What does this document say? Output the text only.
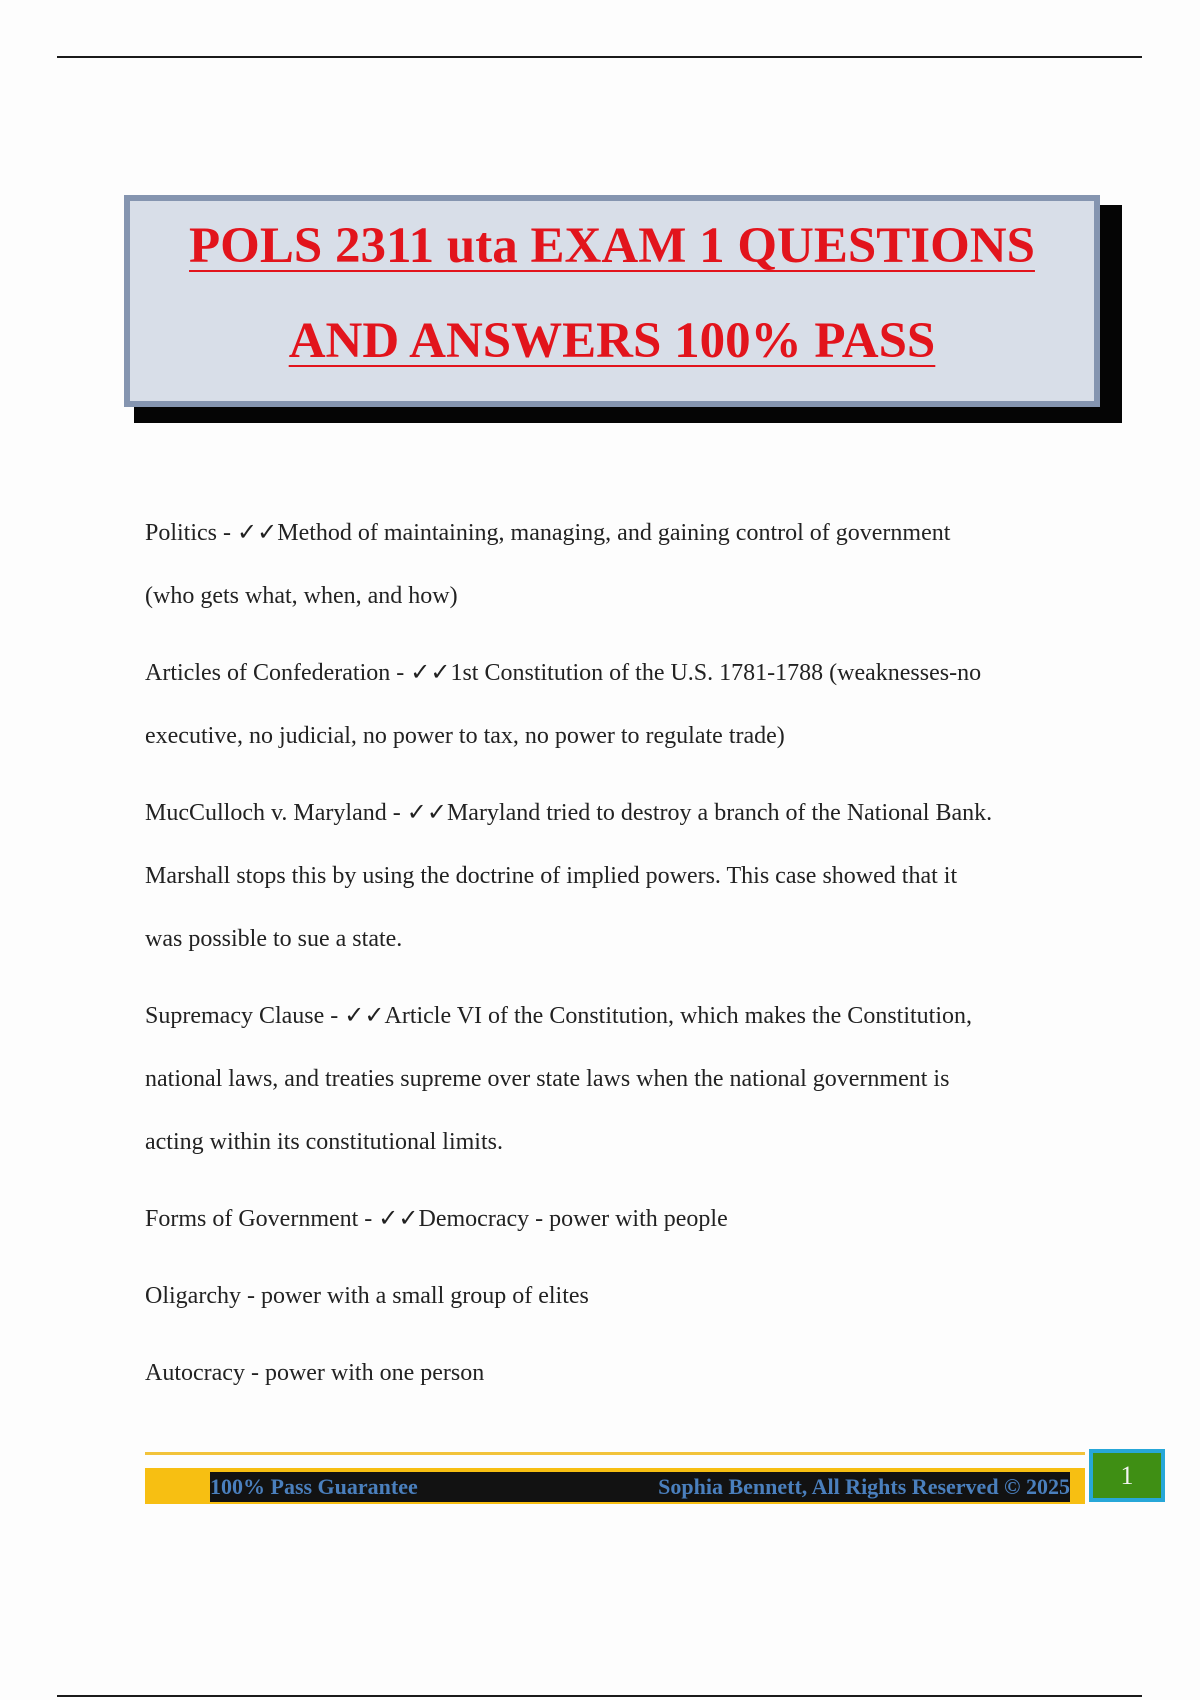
POLS 2311 uta EXAM 1 QUESTIONS
AND ANSWERS 100% PASS
Politics - ✓✓Method of maintaining, managing, and gaining control of government
(who gets what, when, and how)
Articles of Confederation - ✓✓1st Constitution of the U.S. 1781-1788 (weaknesses-no
executive, no judicial, no power to tax, no power to regulate trade)
MucCulloch v. Maryland - ✓✓Maryland tried to destroy a branch of the National Bank.
Marshall stops this by using the doctrine of implied powers. This case showed that it
was possible to sue a state.
Supremacy Clause - ✓✓Article VI of the Constitution, which makes the Constitution,
national laws, and treaties supreme over state laws when the national government is
acting within its constitutional limits.
Forms of Government - ✓✓Democracy - power with people
Oligarchy - power with a small group of elites
Autocracy - power with one person
100% Pass Guarantee	Sophia Bennett, All Rights Reserved © 2025	1
